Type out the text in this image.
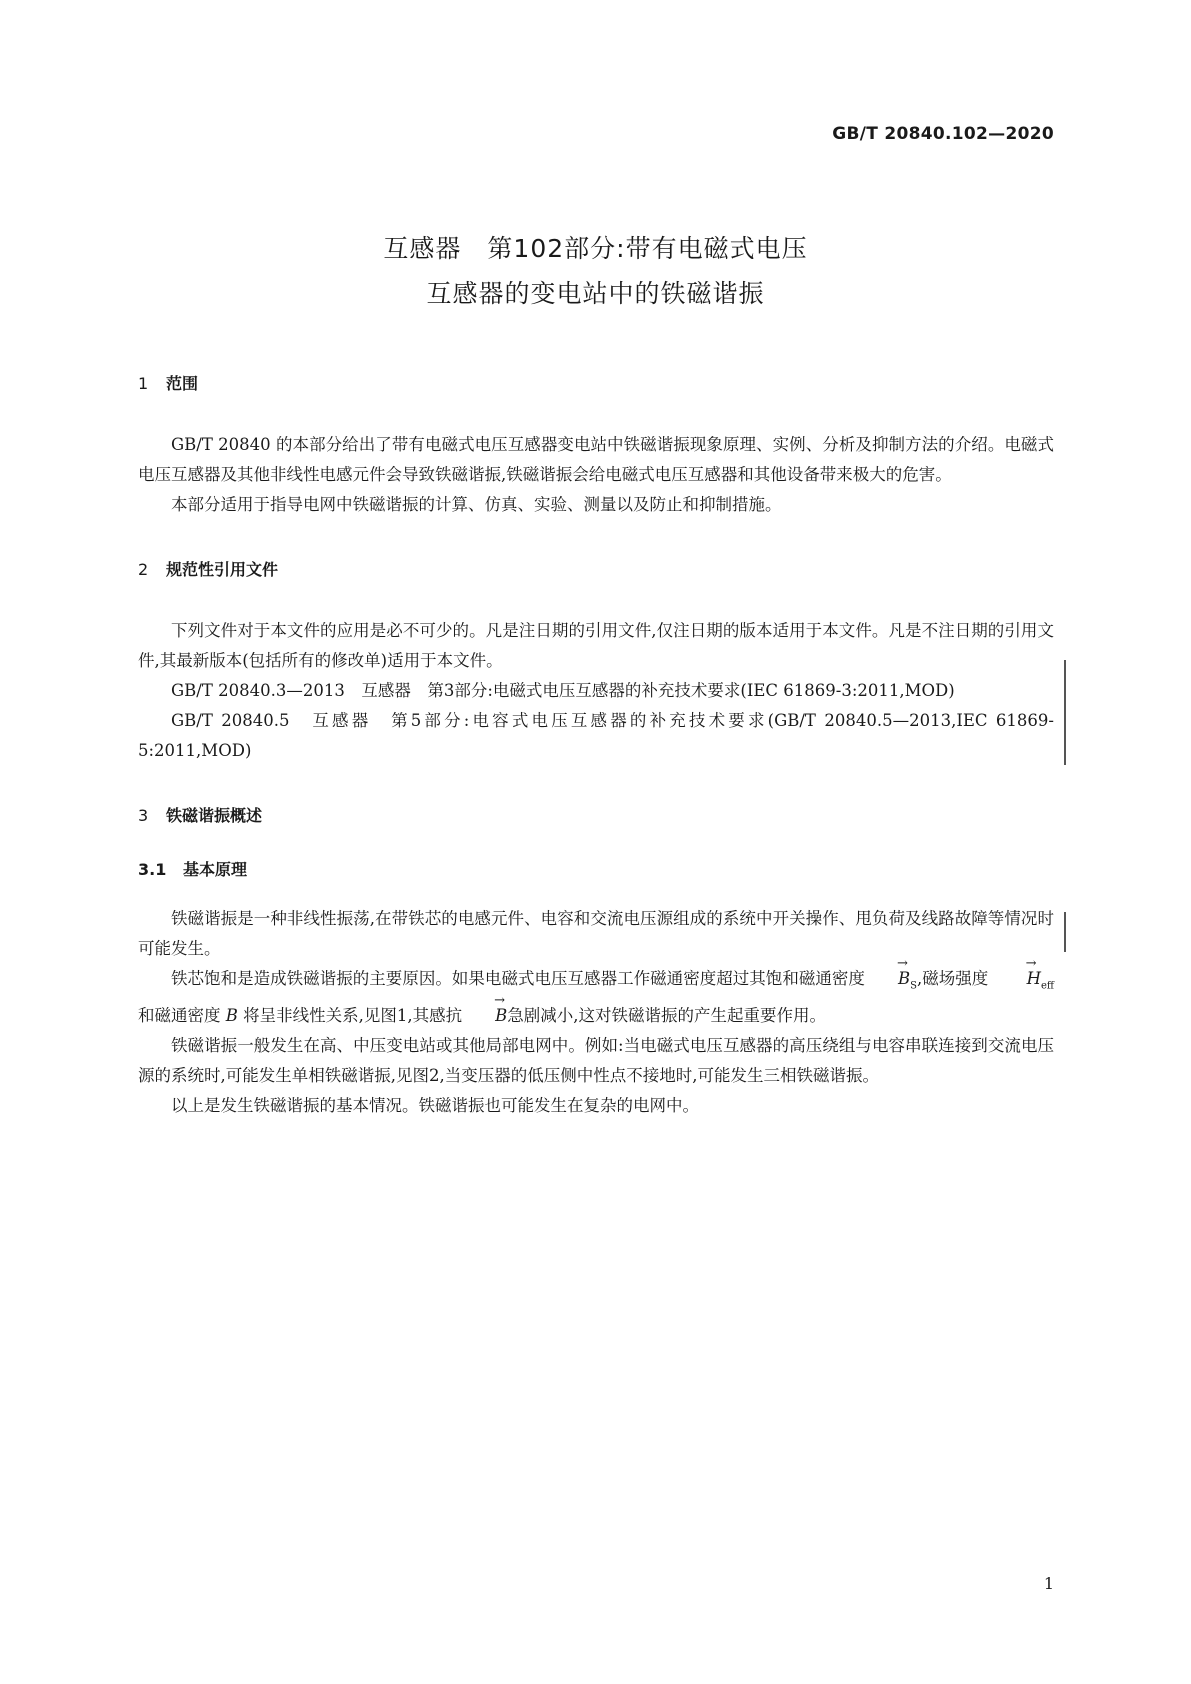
GB/T 20840.102—2020
互感器　第102部分:带有电磁式电压
互感器的变电站中的铁磁谐振
1 范围

GB/T 20840 的本部分给出了带有电磁式电压互感器变电站中铁磁谐振现象原理、实例、分析及抑制方法的介绍。电磁式电压互感器及其他非线性电感元件会导致铁磁谐振,铁磁谐振会给电磁式电压互感器和其他设备带来极大的危害。

本部分适用于指导电网中铁磁谐振的计算、仿真、实验、测量以及防止和抑制措施。

2 规范性引用文件

下列文件对于本文件的应用是必不可少的。凡是注日期的引用文件,仅注日期的版本适用于本文件。凡是不注日期的引用文件,其最新版本(包括所有的修改单)适用于本文件。

GB/T 20840.3—2013　互感器　第3部分:电磁式电压互感器的补充技术要求(IEC 61869-3:2011,MOD)

GB/T 20840.5　互感器　第5部分:电容式电压互感器的补充技术要求(GB/T 20840.5—2013,IEC 61869-5:2011,MOD)

3 铁磁谐振概述
3.1 基本原理

铁磁谐振是一种非线性振荡,在带铁芯的电感元件、电容和交流电压源组成的系统中开关操作、甩负荷及线路故障等情况时可能发生。

铁芯饱和是造成铁磁谐振的主要原因。如果电磁式电压互感器工作磁通密度超过其饱和磁通密度 → $B_S$,磁场强度 → $H_{eff}$和磁通密度 B 将呈非线性关系,见图1,其感抗 → B急剧减小,这对铁磁谐振的产生起重要作用。

铁磁谐振一般发生在高、中压变电站或其他局部电网中。例如:当电磁式电压互感器的高压绕组与电容串联连接到交流电压源的系统时,可能发生单相铁磁谐振,见图2,当变压器的低压侧中性点不接地时,可能发生三相铁磁谐振。

以上是发生铁磁谐振的基本情况。铁磁谐振也可能发生在复杂的电网中。

1
